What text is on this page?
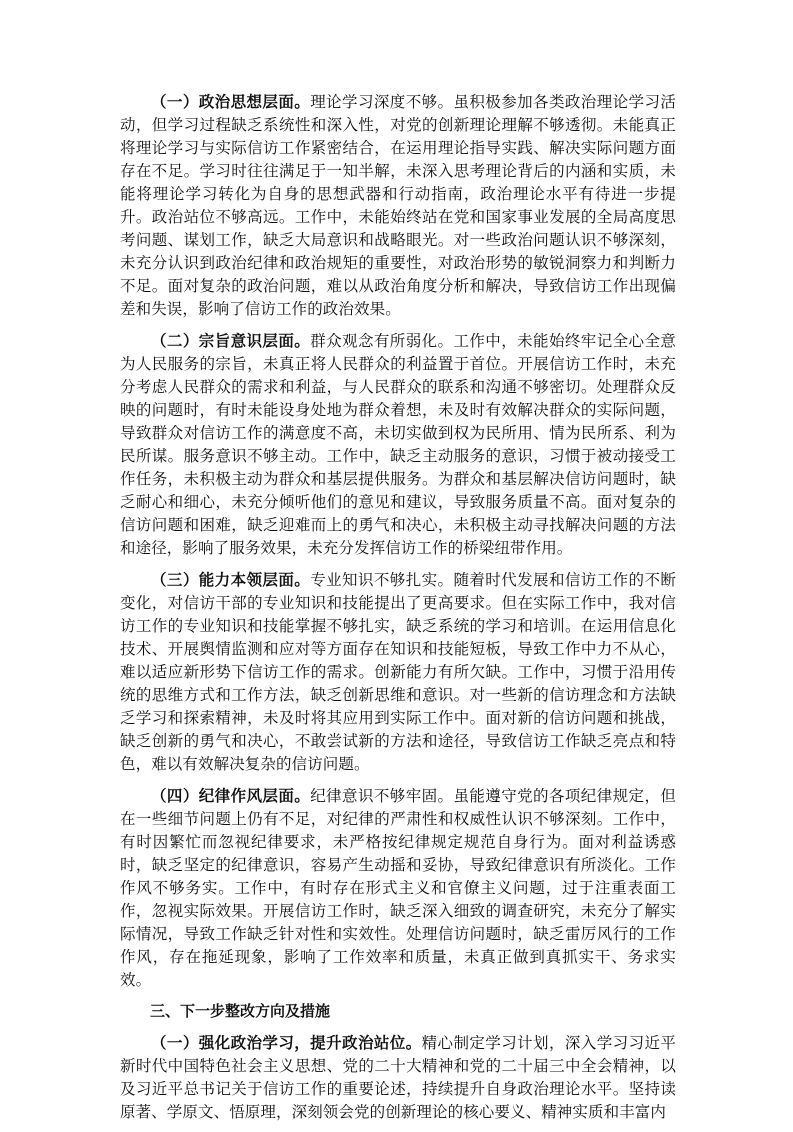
（一）政治思想层面。理论学习深度不够。虽积极参加各类政治理论学习活动，但学习过程缺乏系统性和深入性，对党的创新理论理解不够透彻。未能真正将理论学习与实际信访工作紧密结合，在运用理论指导实践、解决实际问题方面存在不足。学习时往往满足于一知半解，未深入思考理论背后的内涵和实质，未能将理论学习转化为自身的思想武器和行动指南，政治理论水平有待进一步提升。政治站位不够高远。工作中，未能始终站在党和国家事业发展的全局高度思考问题、谋划工作，缺乏大局意识和战略眼光。对一些政治问题认识不够深刻，未充分认识到政治纪律和政治规矩的重要性，对政治形势的敏锐洞察力和判断力不足。面对复杂的政治问题，难以从政治角度分析和解决，导致信访工作出现偏差和失误，影响了信访工作的政治效果。

（二）宗旨意识层面。群众观念有所弱化。工作中，未能始终牢记全心全意为人民服务的宗旨，未真正将人民群众的利益置于首位。开展信访工作时，未充分考虑人民群众的需求和利益，与人民群众的联系和沟通不够密切。处理群众反映的问题时，有时未能设身处地为群众着想，未及时有效解决群众的实际问题，导致群众对信访工作的满意度不高，未切实做到权为民所用、情为民所系、利为民所谋。服务意识不够主动。工作中，缺乏主动服务的意识，习惯于被动接受工作任务，未积极主动为群众和基层提供服务。为群众和基层解决信访问题时，缺乏耐心和细心，未充分倾听他们的意见和建议，导致服务质量不高。面对复杂的信访问题和困难，缺乏迎难而上的勇气和决心，未积极主动寻找解决问题的方法和途径，影响了服务效果，未充分发挥信访工作的桥梁纽带作用。

（三）能力本领层面。专业知识不够扎实。随着时代发展和信访工作的不断变化，对信访干部的专业知识和技能提出了更高要求。但在实际工作中，我对信访工作的专业知识和技能掌握不够扎实，缺乏系统的学习和培训。在运用信息化技术、开展舆情监测和应对等方面存在知识和技能短板，导致工作中力不从心，难以适应新形势下信访工作的需求。创新能力有所欠缺。工作中，习惯于沿用传统的思维方式和工作方法，缺乏创新思维和意识。对一些新的信访理念和方法缺乏学习和探索精神，未及时将其应用到实际工作中。面对新的信访问题和挑战，缺乏创新的勇气和决心，不敢尝试新的方法和途径，导致信访工作缺乏亮点和特色，难以有效解决复杂的信访问题。

（四）纪律作风层面。纪律意识不够牢固。虽能遵守党的各项纪律规定，但在一些细节问题上仍有不足，对纪律的严肃性和权威性认识不够深刻。工作中，有时因繁忙而忽视纪律要求，未严格按纪律规定规范自身行为。面对利益诱惑时，缺乏坚定的纪律意识，容易产生动摇和妥协，导致纪律意识有所淡化。工作作风不够务实。工作中，有时存在形式主义和官僚主义问题，过于注重表面工作，忽视实际效果。开展信访工作时，缺乏深入细致的调查研究，未充分了解实际情况，导致工作缺乏针对性和实效性。处理信访问题时，缺乏雷厉风行的工作作风，存在拖延现象，影响了工作效率和质量，未真正做到真抓实干、务求实效。

三、下一步整改方向及措施

（一）强化政治学习，提升政治站位。精心制定学习计划，深入学习习近平新时代中国特色社会主义思想、党的二十大精神和党的二十届三中全会精神，以及习近平总书记关于信访工作的重要论述，持续提升自身政治理论水平。坚持读原著、学原文、悟原理，深刻领会党的创新理论的核心要义、精神实质和丰富内
